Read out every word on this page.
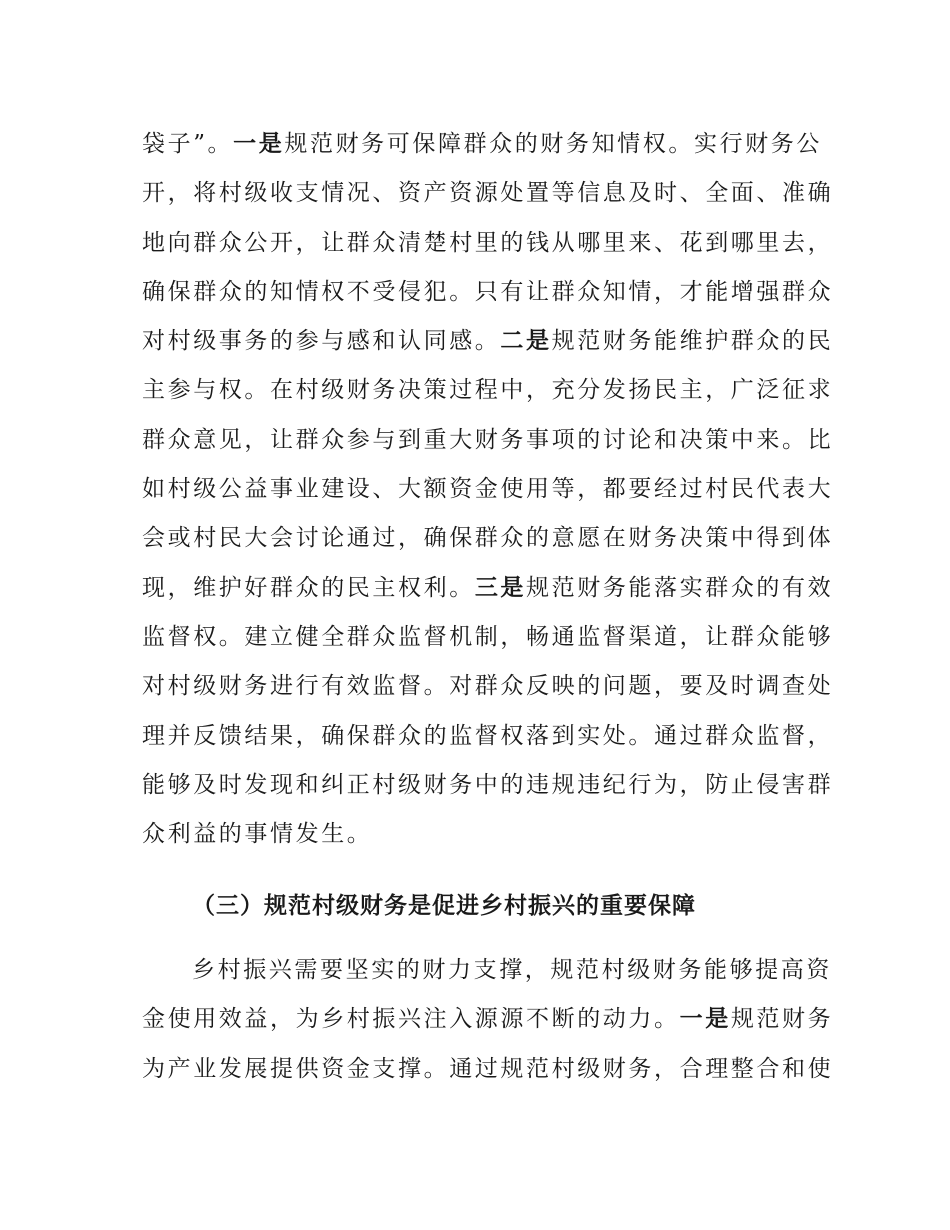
袋子”。一是规范财务可保障群众的财务知情权。实行财务公
开，将村级收支情况、资产资源处置等信息及时、全面、准确
地向群众公开，让群众清楚村里的钱从哪里来、花到哪里去，
确保群众的知情权不受侵犯。只有让群众知情，才能增强群众
对村级事务的参与感和认同感。二是规范财务能维护群众的民
主参与权。在村级财务决策过程中，充分发扬民主，广泛征求
群众意见，让群众参与到重大财务事项的讨论和决策中来。比
如村级公益事业建设、大额资金使用等，都要经过村民代表大
会或村民大会讨论通过，确保群众的意愿在财务决策中得到体
现，维护好群众的民主权利。三是规范财务能落实群众的有效
监督权。建立健全群众监督机制，畅通监督渠道，让群众能够
对村级财务进行有效监督。对群众反映的问题，要及时调查处
理并反馈结果，确保群众的监督权落到实处。通过群众监督，
能够及时发现和纠正村级财务中的违规违纪行为，防止侵害群
众利益的事情发生。
（三）规范村级财务是促进乡村振兴的重要保障
乡村振兴需要坚实的财力支撑，规范村级财务能够提高资
金使用效益，为乡村振兴注入源源不断的动力。一是规范财务
为产业发展提供资金支撑。通过规范村级财务，合理整合和使
